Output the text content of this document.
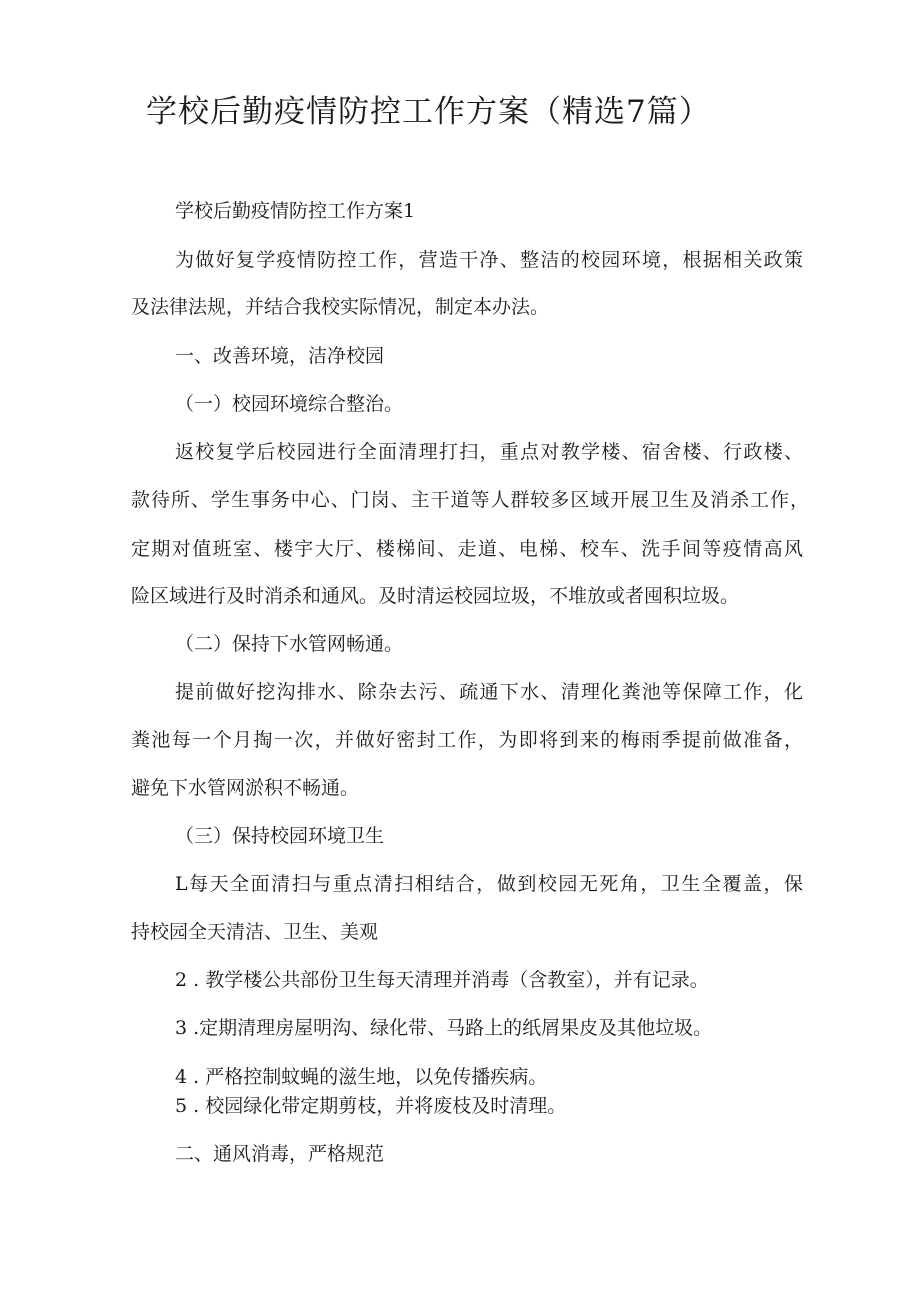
学校后勤疫情防控工作方案（精选7篇）

学校后勤疫情防控工作方案1

为做好复学疫情防控工作，营造干净、整洁的校园环境，根据相关政策

及法律法规，并结合我校实际情况，制定本办法。

一、改善环境，洁净校园

（一）校园环境综合整治。

返校复学后校园进行全面清理打扫，重点对教学楼、宿舍楼、行政楼、

款待所、学生事务中心、门岗、主干道等人群较多区域开展卫生及消杀工作，

定期对值班室、楼宇大厅、楼梯间、走道、电梯、校车、洗手间等疫情高风

险区域进行及时消杀和通风。及时清运校园垃圾，不堆放或者囤积垃圾。

（二）保持下水管网畅通。

提前做好挖沟排水、除杂去污、疏通下水、清理化粪池等保障工作，化

粪池每一个月掏一次，并做好密封工作，为即将到来的梅雨季提前做准备，

避免下水管网淤积不畅通。

（三）保持校园环境卫生

L每天全面清扫与重点清扫相结合，做到校园无死角，卫生全覆盖，保

持校园全天清洁、卫生、美观

2 . 教学楼公共部份卫生每天清理并消毒（含教室），并有记录。

3 .定期清理房屋明沟、绿化带、马路上的纸屑果皮及其他垃圾。

4 . 严格控制蚊蝇的滋生地，以免传播疾病。

5 . 校园绿化带定期剪枝，并将废枝及时清理。

二、通风消毒，严格规范
